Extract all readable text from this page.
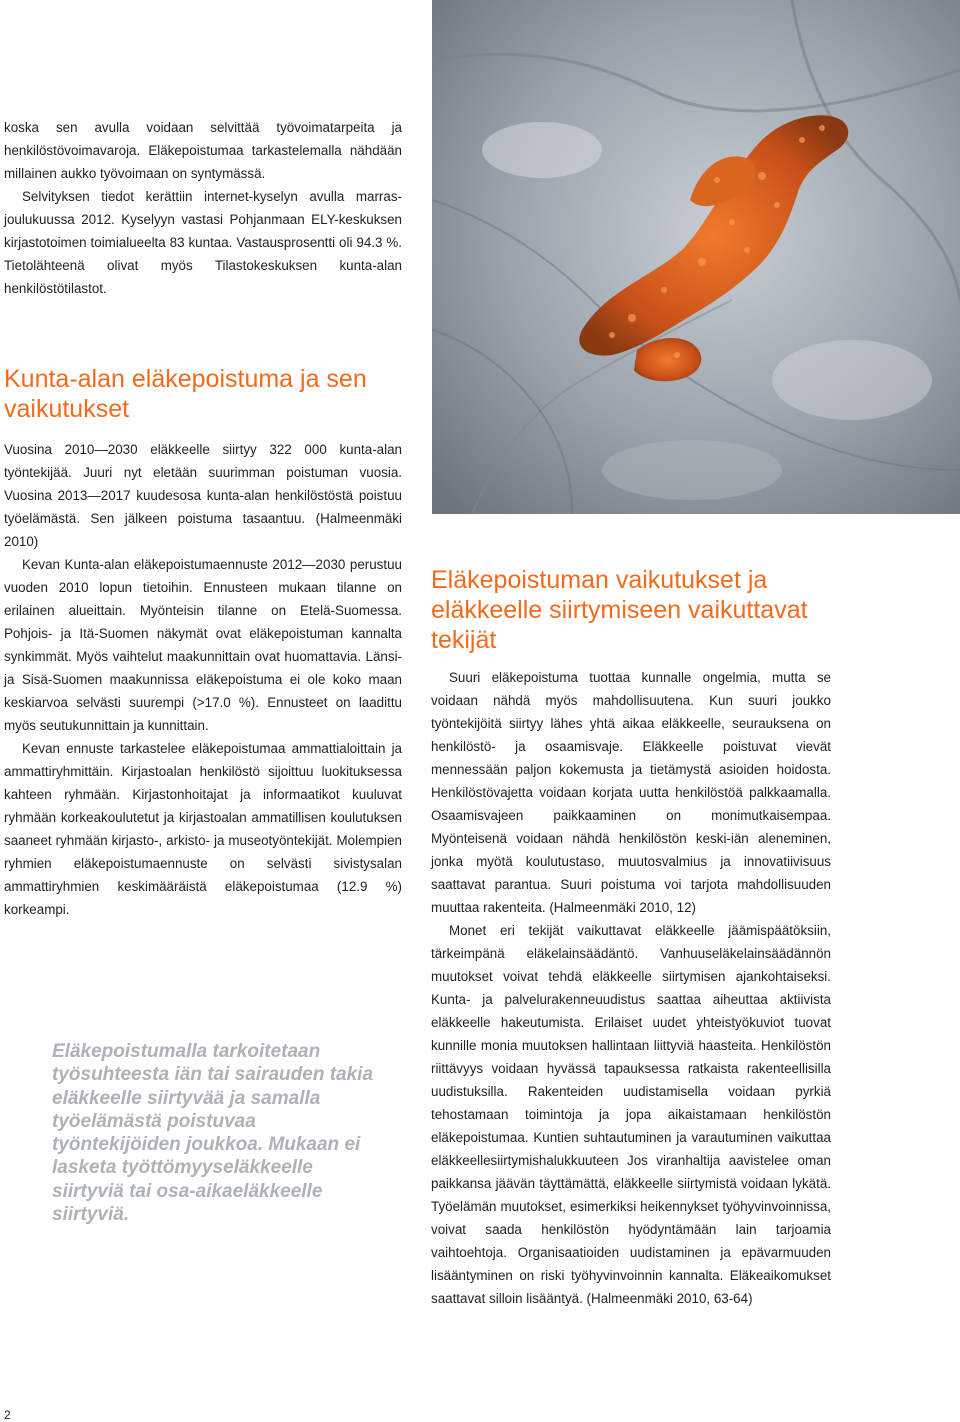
koska sen avulla voidaan selvittää työvoimatarpeita ja henkilöstövoimavaroja. Eläkepoistumaa tarkastelemalla nähdään millainen aukko työvoimaan on syntymässä.

Selvityksen tiedot kerättiin internet-kyselyn avulla marras-joulukuussa 2012. Kyselyyn vastasi Pohjanmaan ELY-keskuksen kirjastotoimen toimialueelta 83 kuntaa. Vastausprosentti oli 94.3 %. Tietolähteenä olivat myös Tilastokeskuksen kunta-alan henkilöstötilastot.

Kunta-alan eläkepoistuma ja sen vaikutukset

Vuosina 2010—2030 eläkkeelle siirtyy 322 000 kunta-alan työntekijää. Juuri nyt eletään suurimman poistuman vuosia. Vuosina 2013—2017 kuudesosa kunta-alan henkilöstöstä poistuu työelämästä. Sen jälkeen poistuma tasaantuu. (Halmeenmäki 2010)

Kevan Kunta-alan eläkepoistumaennuste 2012—2030 perustuu vuoden 2010 lopun tietoihin. Ennusteen mukaan tilanne on erilainen alueittain. Myönteisin tilanne on Etelä-Suomessa. Pohjois- ja Itä-Suomen näkymät ovat eläkepoistuman kannalta synkimmät. Myös vaihtelut maakunnittain ovat huomattavia. Länsi- ja Sisä-Suomen maakunnissa eläkepoistuma ei ole koko maan keskiarvoa selvästi suurempi (>17.0 %). Ennusteet on laadittu myös seutukunnittain ja kunnittain.

Kevan ennuste tarkastelee eläkepoistumaa ammattialoittain ja ammattiryhmittäin. Kirjastoalan henkilöstö sijoittuu luokituksessa kahteen ryhmään. Kirjastonhoitajat ja informaatikot kuuluvat ryhmään korkeakoulutetut ja kirjastoalan ammatillisen koulutuksen saaneet ryhmään kirjasto-, arkisto- ja museotyöntekijät. Molempien ryhmien eläkepoistumaennuste on selvästi sivistysalan ammattiryhmien keskimääräistä eläkepoistumaa (12.9 %) korkeampi.

Eläkepoistumalla tarkoitetaan työsuhteesta iän tai sairauden takia eläkkeelle siirtyvää ja samalla työelämästä poistuvaa työntekijöiden joukkoa. Mukaan ei lasketa työttömyyseläkkeelle siirtyviä tai osa-aikaeläkkeelle siirtyviä.
Eläkepoistuman vaikutukset ja eläkkeelle siirtymiseen vaikuttavat tekijät

Suuri eläkepoistuma tuottaa kunnalle ongelmia, mutta se voidaan nähdä myös mahdollisuutena. Kun suuri joukko työntekijöitä siirtyy lähes yhtä aikaa eläkkeelle, seurauksena on henkilöstö- ja osaamisvaje. Eläkkeelle poistuvat vievät mennessään paljon kokemusta ja tietämystä asioiden hoidosta. Henkilöstövajetta voidaan korjata uutta henkilöstöä palkkaamalla. Osaamisvajeen paikkaaminen on monimutkaisempaa. Myönteisenä voidaan nähdä henkilöstön keski-iän aleneminen, jonka myötä koulutustaso, muutosvalmius ja innovatiivisuus saattavat parantua. Suuri poistuma voi tarjota mahdollisuuden muuttaa rakenteita. (Halmeenmäki 2010, 12)

Monet eri tekijät vaikuttavat eläkkeelle jäämispäätöksiin, tärkeimpänä eläkelainsäädäntö. Vanhuuseläkelainsäädännön muutokset voivat tehdä eläkkeelle siirtymisen ajankohtaiseksi. Kunta- ja palvelurakenneuudistus saattaa aiheuttaa aktiivista eläkkeelle hakeutumista. Erilaiset uudet yhteistyökuviot tuovat kunnille monia muutoksen hallintaan liittyviä haasteita. Henkilöstön riittävyys voidaan hyvässä tapauksessa ratkaista rakenteellisilla uudistuksilla. Rakenteiden uudistamisella voidaan pyrkiä tehostamaan toimintoja ja jopa aikaistamaan henkilöstön eläkepoistumaa. Kuntien suhtautuminen ja varautuminen vaikuttaa eläkkeellesiirtymishalukkuuteen Jos viranhaltija aavistelee oman paikkansa jäävän täyttämättä, eläkkeelle siirtymistä voidaan lykätä. Työelämän muutokset, esimerkiksi heikennykset työhyvinvoinnissa, voivat saada henkilöstön hyödyntämään lain tarjoamia vaihtoehtoja. Organisaatioiden uudistaminen ja epävarmuuden lisääntyminen on riski työhyvinvoinnin kannalta. Eläkeaikomukset saattavat silloin lisääntyä. (Halmeenmäki 2010, 63-64)

2
